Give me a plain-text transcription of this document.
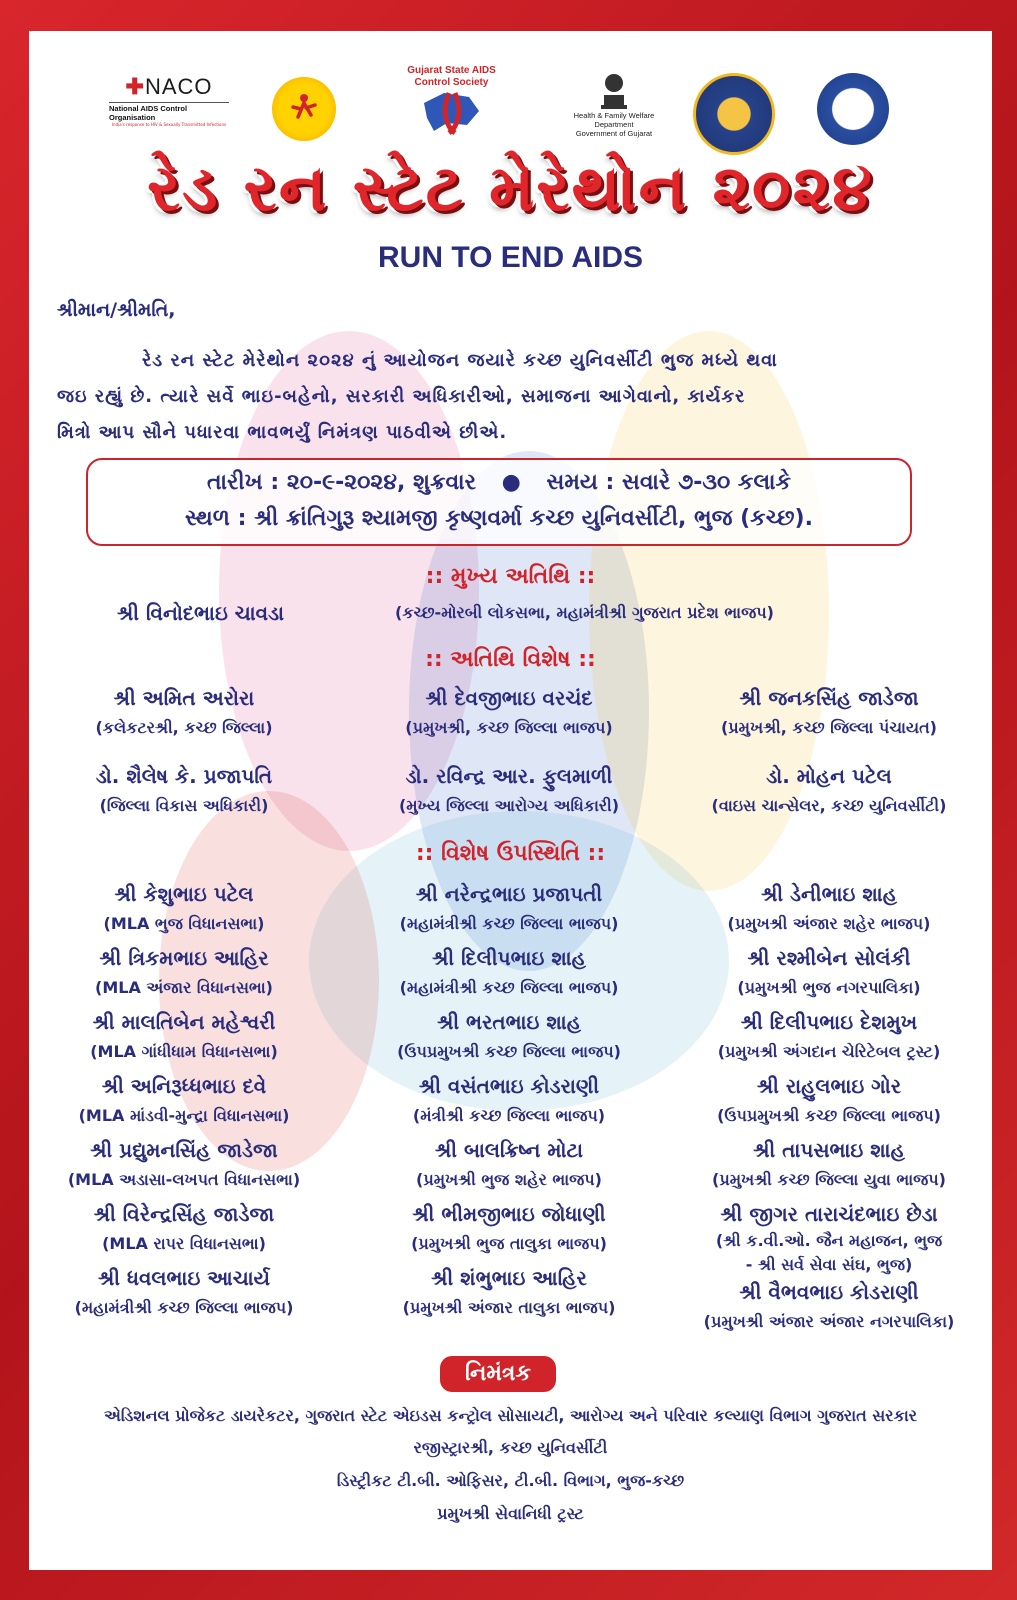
✚NACO
National AIDS Control Organisation
India's response to HIV & Sexually Transmitted Infections
Gujarat State AIDS Control Society
Health & Family Welfare Department
Government of Gujarat
રેડ રન સ્ટેટ મેરેથોન ૨૦૨૪
RUN TO END AIDS
શ્રીમાન/શ્રીમતિ,
રેડ રન સ્ટેટ મેરેથોન ૨૦૨૪ નું આયોજન જયારે કચ્છ યુનિવર્સીટી ભુજ મધ્યે થવા
જઇ રહ્યું છે. ત્યારે સર્વે ભાઇ-બહેનો, સરકારી અધિકારીઓ, સમાજના આગેવાનો, કાર્યકર
મિત્રો આપ સૌને પધારવા ભાવભર્યું નિમંત્રણ પાઠવીએ છીએ.
તારીખ : ૨૦-૯-૨૦૨૪, શુક્રવાર ● સમય : સવારે ૭-૩૦ કલાકે
સ્થળ : શ્રી ક્રાંતિગુરૂ શ્યામજી કૃષ્ણવર્મા કચ્છ યુનિવર્સીટી, ભુજ (કચ્છ).
:: મુખ્ય અતિથિ ::
શ્રી વિનોદભાઇ ચાવડા	(કચ્છ-મોરબી લોકસભા, મહામંત્રીશ્રી ગુજરાત પ્રદેશ ભાજપ)
:: અતિથિ વિશેષ ::
શ્રી અમિત અરોરા
(કલેકટરશ્રી, કચ્છ જિલ્લા)
શ્રી દેવજીભાઇ વરચંદ
(પ્રમુખશ્રી, કચ્છ જિલ્લા ભાજપ)
શ્રી જનકસિંહ જાડેજા
(પ્રમુખશ્રી, કચ્છ જિલ્લા પંચાયત)
ડો. શૈલેષ કે. પ્રજાપતિ
(જિલ્લા વિકાસ અધિકારી)
ડો. રવિન્દ્ર આર. ફુલમાળી
(મુખ્ય જિલ્લા આરોગ્ય અધિકારી)
ડો. મોહન પટેલ
(વાઇસ ચાન્સેલર, કચ્છ યુનિવર્સીટી)
:: વિશેષ ઉપસ્થિતિ ::
શ્રી કેશુભાઇ પટેલ
(MLA ભુજ વિધાનસભા)
શ્રી ત્રિકમભાઇ આહિર
(MLA અંજાર વિધાનસભા)
શ્રી માલતિબેન મહેશ્વરી
(MLA ગાંધીધામ વિધાનસભા)
શ્રી અનિરૂધ્ધભાઇ દવે
(MLA માંડવી-મુન્દ્રા વિધાનસભા)
શ્રી પ્રદ્યુમનસિંહ જાડેજા
(MLA અડાસા-લખપત વિધાનસભા)
શ્રી વિરેન્દ્રસિંહ જાડેજા
(MLA રાપર વિધાનસભા)
શ્રી ધવલભાઇ આચાર્ય
(મહામંત્રીશ્રી કચ્છ જિલ્લા ભાજપ)
શ્રી નરેન્દ્રભાઇ પ્રજાપતી
(મહામંત્રીશ્રી કચ્છ જિલ્લા ભાજપ)
શ્રી દિલીપભાઇ શાહ
(મહામંત્રીશ્રી કચ્છ જિલ્લા ભાજપ)
શ્રી ભરતભાઇ શાહ
(ઉપપ્રમુખશ્રી કચ્છ જિલ્લા ભાજપ)
શ્રી વસંતભાઇ કોડરાણી
(મંત્રીશ્રી કચ્છ જિલ્લા ભાજપ)
શ્રી બાલક્રિષ્ન મોટા
(પ્રમુખશ્રી ભુજ શહેર ભાજપ)
શ્રી ભીમજીભાઇ જોધાણી
(પ્રમુખશ્રી ભુજ તાલુકા ભાજપ)
શ્રી શંભુભાઇ આહિર
(પ્રમુખશ્રી અંજાર તાલુકા ભાજપ)
શ્રી ડેનીભાઇ શાહ
(પ્રમુખશ્રી અંજાર શહેર ભાજપ)
શ્રી રશ્મીબેન સોલંકી
(પ્રમુખશ્રી ભુજ નગરપાલિકા)
શ્રી દિલીપભાઇ દેશમુખ
(પ્રમુખશ્રી અંગદાન ચેરિટેબલ ટ્રસ્ટ)
શ્રી રાહુલભાઇ ગોર
(ઉપપ્રમુખશ્રી કચ્છ જિલ્લા ભાજપ)
શ્રી તાપસભાઇ શાહ
(પ્રમુખશ્રી કચ્છ જિલ્લા યુવા ભાજપ)
શ્રી જીગર તારાચંદભાઇ છેડા
(શ્રી ક.વી.ઓ. જૈન મહાજન, ભુજ
- શ્રી સર્વ સેવા સંઘ, ભુજ)
શ્રી વૈભવભાઇ કોડરાણી
(પ્રમુખશ્રી અંજાર અંજાર નગરપાલિકા)
નિમંત્રક
એડિશનલ પ્રોજેકટ ડાયરેકટર, ગુજરાત સ્ટેટ એઇડસ કન્ટ્રોલ સોસાયટી, આરોગ્ય અને પરિવાર કલ્યાણ વિભાગ ગુજરાત સરકાર
રજીસ્ટ્રારશ્રી, કચ્છ યુનિવર્સીટી
ડિસ્ટ્રીકટ ટી.બી. ઓફિસર, ટી.બી. વિભાગ, ભુજ-કચ્છ
પ્રમુખશ્રી સેવાનિધી ટ્રસ્ટ
